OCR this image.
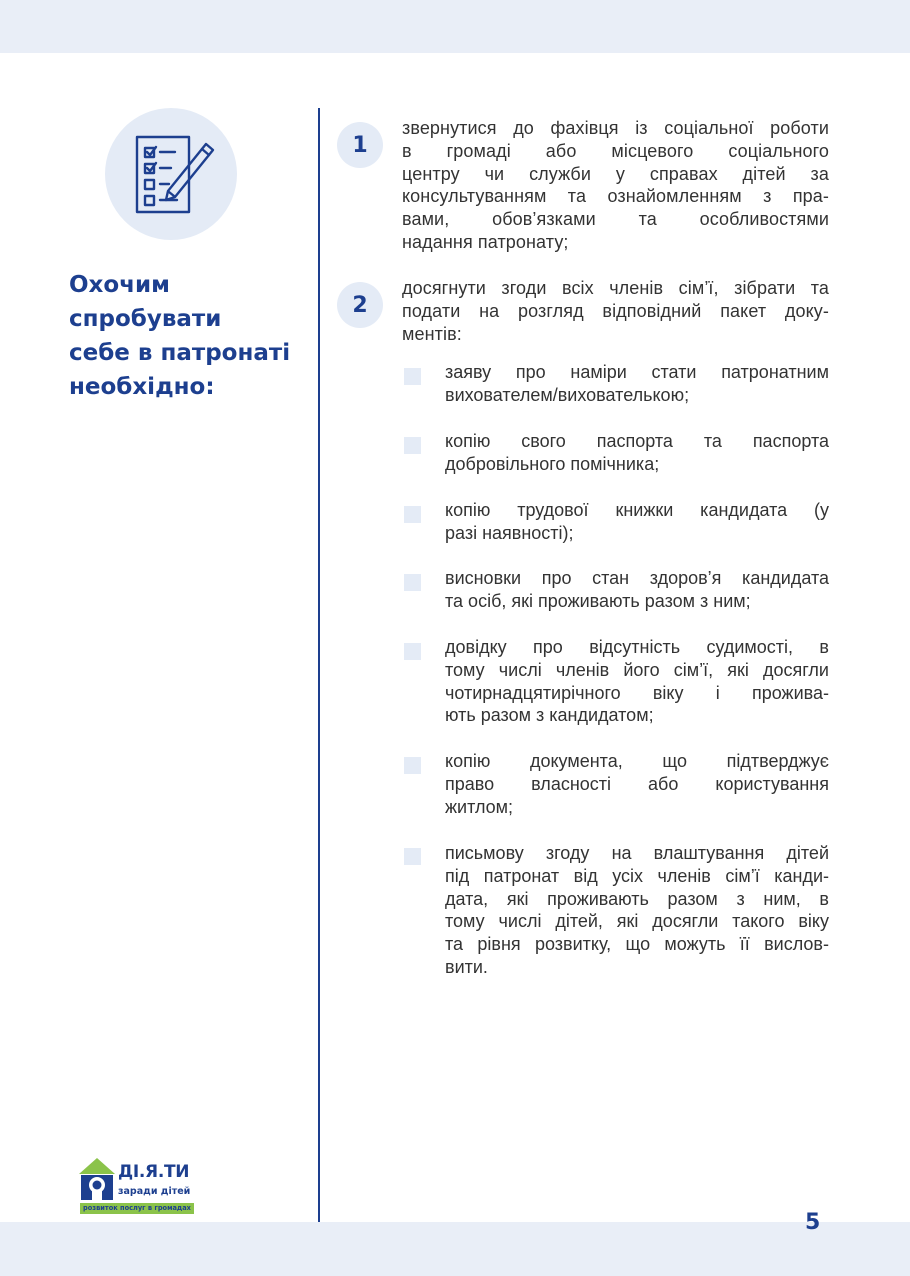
Охочим
спробувати
себе в патронаті
необхідно:
1
звернутися до фахівця із соціальної роботи
в громаді або місцевого соціального
центру чи служби у справах дітей за
консультуванням та ознайомленням з пра-
вами, обов’язками та особливостями
надання патронату;
2
досягнути згоди всіх членів сім’ї, зібрати та
подати на розгляд відповідний пакет доку-
ментів:
заяву про наміри стати патронатним
вихователем/вихователькою;
копію свого паспорта та паспорта
добровільного помічника;
копію трудової книжки кандидата (у
разі наявності);
висновки про стан здоров’я кандидата
та осіб, які проживають разом з ним;
довідку про відсутність судимості, в
тому числі членів його сім’ї, які досягли
чотирнадцятирічного віку і прожива-
ють разом з кандидатом;
копію документа, що підтверджує
право власності або користування
житлом;
письмову згоду на влаштування дітей
під патронат від усіх членів сім’ї канди-
дата, які проживають разом з ним, в
тому числі дітей, які досягли такого віку
та рівня розвитку, що можуть її вислов-
вити.
ДІ.Я.ТИ
заради дітей
розвиток послуг в громадах
5
